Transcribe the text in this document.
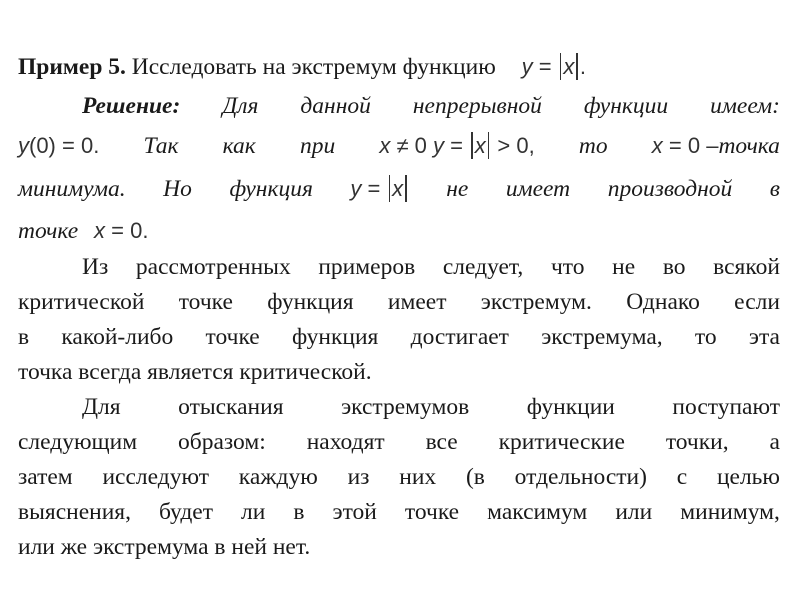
Пример 5. Исследовать на экстремум функцию y = x .
Решение: Для данной непрерывной функции имеем:
y(0) = 0. Так как при x ≠ 0 y = x > 0, то x = 0 –точка
минимума. Но функция y = x не имеет производной в
точке x = 0.
Из рассмотренных примеров следует, что не во всякой
критической точке функция имеет экстремум. Однако если
в какой-либо точке функция достигает экстремума, то эта
точка всегда является критической.
Для отыскания экстремумов функции поступают
следующим образом: находят все критические точки, а
затем исследуют каждую из них (в отдельности) с целью
выяснения, будет ли в этой точке максимум или минимум,
или же экстремума в ней нет.
